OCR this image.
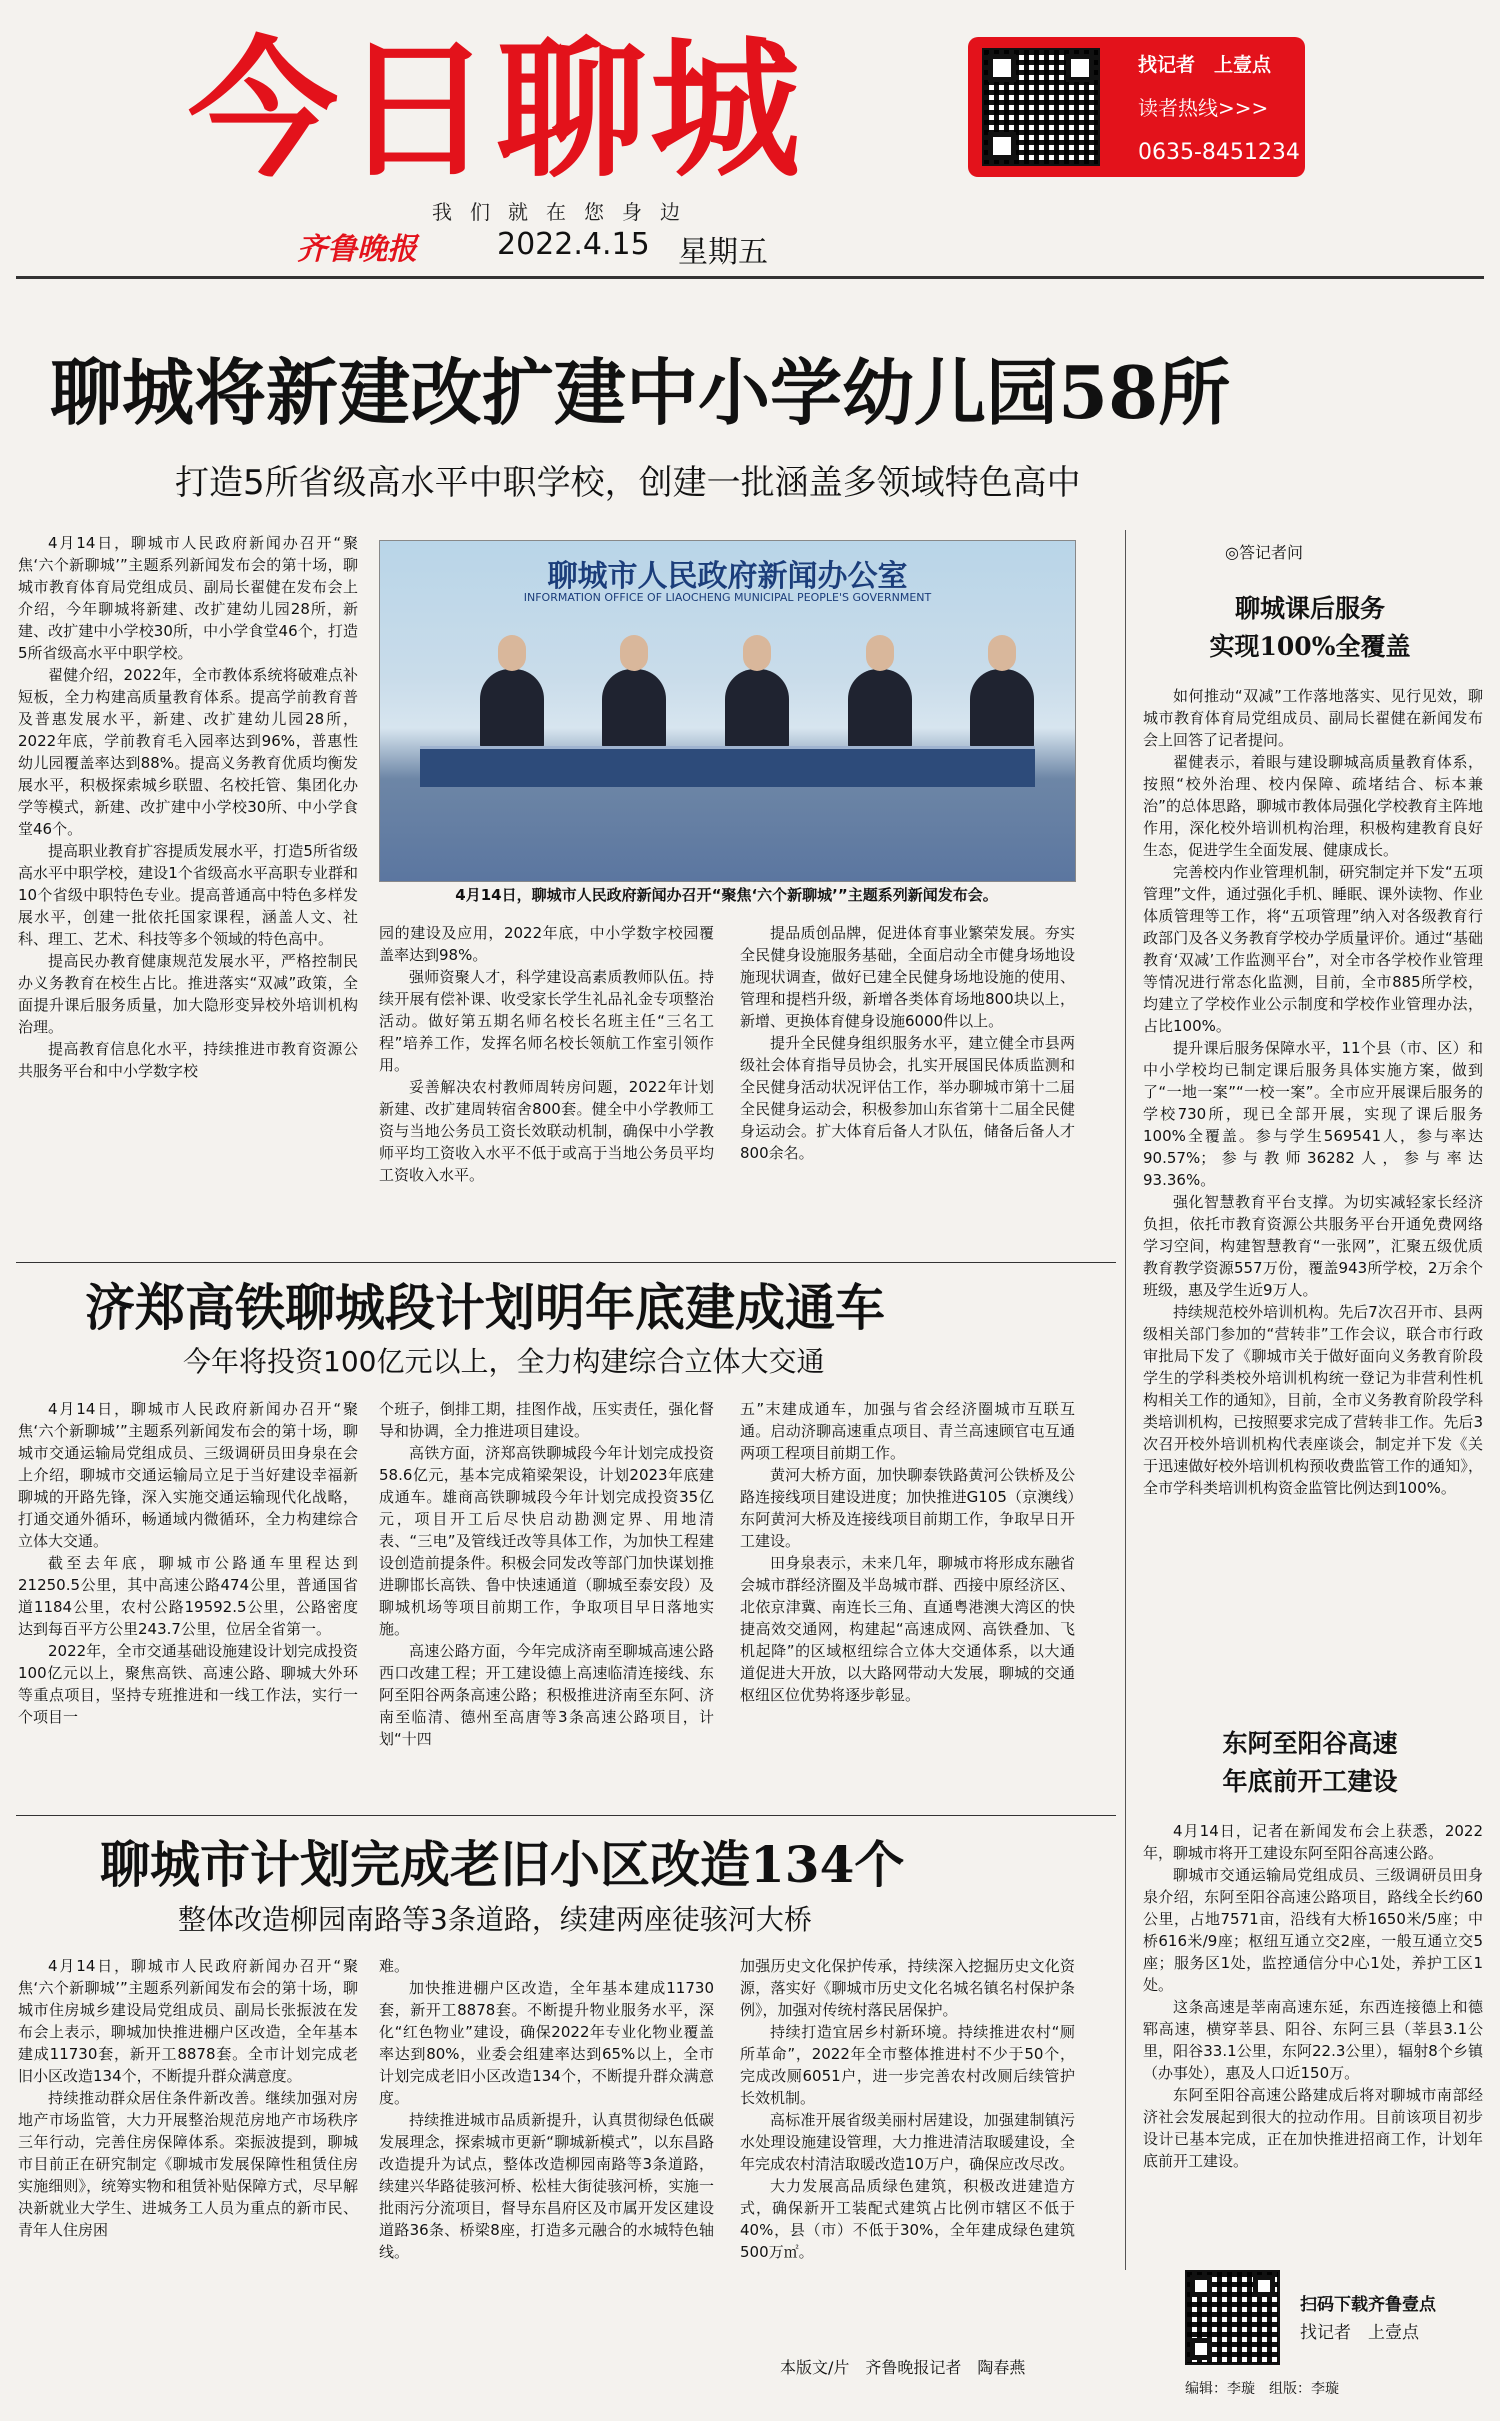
今日聊城
我们就在您身边
齐鲁晚报	2022.4.15 星期五
找记者　上壹点
读者热线>>>
0635-8451234
聊城将新建改扩建中小学幼儿园58所
打造5所省级高水平中职学校，创建一批涵盖多领域特色高中

4月14日，聊城市人民政府新闻办召开“聚焦‘六个新聊城’”主题系列新闻发布会的第十场，聊城市教育体育局党组成员、副局长翟健在发布会上介绍，今年聊城将新建、改扩建幼儿园28所，新建、改扩建中小学校30所，中小学食堂46个，打造5所省级高水平中职学校。

翟健介绍，2022年，全市教体系统将破难点补短板，全力构建高质量教育体系。提高学前教育普及普惠发展水平，新建、改扩建幼儿园28所，2022年底，学前教育毛入园率达到96%，普惠性幼儿园覆盖率达到88%。提高义务教育优质均衡发展水平，积极探索城乡联盟、名校托管、集团化办学等模式，新建、改扩建中小学校30所、中小学食堂46个。

提高职业教育扩容提质发展水平，打造5所省级高水平中职学校，建设1个省级高水平高职专业群和10个省级中职特色专业。提高普通高中特色多样发展水平，创建一批依托国家课程，涵盖人文、社科、理工、艺术、科技等多个领域的特色高中。

提高民办教育健康规范发展水平，严格控制民办义务教育在校生占比。推进落实“双减”政策，全面提升课后服务质量，加大隐形变异校外培训机构治理。

提高教育信息化水平，持续推进市教育资源公共服务平台和中小学数字校

聊城市人民政府新闻办公室
INFORMATION OFFICE OF LIAOCHENG MUNICIPAL PEOPLE'S GOVERNMENT
4月14日，聊城市人民政府新闻办召开“聚焦‘六个新聊城’”主题系列新闻发布会。

园的建设及应用，2022年底，中小学数字校园覆盖率达到98%。

强师资聚人才，科学建设高素质教师队伍。持续开展有偿补课、收受家长学生礼品礼金专项整治活动。做好第五期名师名校长名班主任“三名工程”培养工作，发挥名师名校长领航工作室引领作用。

妥善解决农村教师周转房问题，2022年计划新建、改扩建周转宿舍800套。健全中小学教师工资与当地公务员工资长效联动机制，确保中小学教师平均工资收入水平不低于或高于当地公务员平均工资收入水平。

提品质创品牌，促进体育事业繁荣发展。夯实全民健身设施服务基础，全面启动全市健身场地设施现状调查，做好已建全民健身场地设施的使用、管理和提档升级，新增各类体育场地800块以上，新增、更换体育健身设施6000件以上。

提升全民健身组织服务水平，建立健全市县两级社会体育指导员协会，扎实开展国民体质监测和全民健身活动状况评估工作，举办聊城市第十二届全民健身运动会，积极参加山东省第十二届全民健身运动会。扩大体育后备人才队伍，储备后备人才800余名。

◎答记者问
聊城课后服务
实现100%全覆盖

如何推动“双减”工作落地落实、见行见效，聊城市教育体育局党组成员、副局长翟健在新闻发布会上回答了记者提问。

翟健表示，着眼与建设聊城高质量教育体系，按照“校外治理、校内保障、疏堵结合、标本兼治”的总体思路，聊城市教体局强化学校教育主阵地作用，深化校外培训机构治理，积极构建教育良好生态，促进学生全面发展、健康成长。

完善校内作业管理机制，研究制定并下发“五项管理”文件，通过强化手机、睡眠、课外读物、作业体质管理等工作，将“五项管理”纳入对各级教育行政部门及各义务教育学校办学质量评价。通过“基础教育‘双减’工作监测平台”，对全市各学校作业管理等情况进行常态化监测，目前，全市885所学校，均建立了学校作业公示制度和学校作业管理办法，占比100%。

提升课后服务保障水平，11个县（市、区）和中小学校均已制定课后服务具体实施方案，做到了“一地一案”“一校一案”。全市应开展课后服务的学校730所，现已全部开展，实现了课后服务100%全覆盖。参与学生569541人，参与率达90.57%；参与教师36282人，参与率达93.36%。

强化智慧教育平台支撑。为切实减轻家长经济负担，依托市教育资源公共服务平台开通免费网络学习空间，构建智慧教育“一张网”，汇聚五级优质教育教学资源557万份，覆盖943所学校，2万余个班级，惠及学生近9万人。

持续规范校外培训机构。先后7次召开市、县两级相关部门参加的“营转非”工作会议，联合市行政审批局下发了《聊城市关于做好面向义务教育阶段学生的学科类校外培训机构统一登记为非营利性机构相关工作的通知》，目前，全市义务教育阶段学科类培训机构，已按照要求完成了营转非工作。先后3次召开校外培训机构代表座谈会，制定并下发《关于迅速做好校外培训机构预收费监管工作的通知》，全市学科类培训机构资金监管比例达到100%。

东阿至阳谷高速
年底前开工建设

4月14日，记者在新闻发布会上获悉，2022年，聊城市将开工建设东阿至阳谷高速公路。

聊城市交通运输局党组成员、三级调研员田身泉介绍，东阿至阳谷高速公路项目，路线全长约60公里，占地7571亩，沿线有大桥1650米/5座；中桥616米/9座；枢纽互通立交2座，一般互通立交5座；服务区1处，监控通信分中心1处，养护工区1处。

这条高速是莘南高速东延，东西连接德上和德郓高速，横穿莘县、阳谷、东阿三县（莘县3.1公里，阳谷33.1公里，东阿22.3公里），辐射8个乡镇（办事处），惠及人口近150万。

东阿至阳谷高速公路建成后将对聊城市南部经济社会发展起到很大的拉动作用。目前该项目初步设计已基本完成，正在加快推进招商工作，计划年底前开工建设。

扫码下载齐鲁壹点
找记者　上壹点
编辑：李璇　组版：李璇
济郑高铁聊城段计划明年底建成通车
今年将投资100亿元以上，全力构建综合立体大交通

4月14日，聊城市人民政府新闻办召开“聚焦‘六个新聊城’”主题系列新闻发布会的第十场，聊城市交通运输局党组成员、三级调研员田身泉在会上介绍，聊城市交通运输局立足于当好建设幸福新聊城的开路先锋，深入实施交通运输现代化战略，打通交通外循环，畅通域内微循环，全力构建综合立体大交通。

截至去年底，聊城市公路通车里程达到21250.5公里，其中高速公路474公里，普通国省道1184公里，农村公路19592.5公里，公路密度达到每百平方公里243.7公里，位居全省第一。

2022年，全市交通基础设施建设计划完成投资100亿元以上，聚焦高铁、高速公路、聊城大外环等重点项目，坚持专班推进和一线工作法，实行一个项目一

个班子，倒排工期，挂图作战，压实责任，强化督导和协调，全力推进项目建设。

高铁方面，济郑高铁聊城段今年计划完成投资58.6亿元，基本完成箱梁架设，计划2023年底建成通车。雄商高铁聊城段今年计划完成投资35亿元，项目开工后尽快启动勘测定界、用地清表、“三电”及管线迁改等具体工作，为加快工程建设创造前提条件。积极会同发改等部门加快谋划推进聊邯长高铁、鲁中快速通道（聊城至泰安段）及聊城机场等项目前期工作，争取项目早日落地实施。

高速公路方面，今年完成济南至聊城高速公路西口改建工程；开工建设德上高速临清连接线、东阿至阳谷两条高速公路；积极推进济南至东阿、济南至临清、德州至高唐等3条高速公路项目，计划“十四

五”末建成通车，加强与省会经济圈城市互联互通。启动济聊高速重点项目、青兰高速顾官屯互通两项工程项目前期工作。

黄河大桥方面，加快聊泰铁路黄河公铁桥及公路连接线项目建设进度；加快推进G105（京澳线）东阿黄河大桥及连接线项目前期工作，争取早日开工建设。

田身泉表示，未来几年，聊城市将形成东融省会城市群经济圈及半岛城市群、西接中原经济区、北依京津冀、南连长三角、直通粤港澳大湾区的快捷高效交通网，构建起“高速成网、高铁叠加、飞机起降”的区域枢纽综合立体大交通体系，以大通道促进大开放，以大路网带动大发展，聊城的交通枢纽区位优势将逐步彰显。

聊城市计划完成老旧小区改造134个
整体改造柳园南路等3条道路，续建两座徒骇河大桥

4月14日，聊城市人民政府新闻办召开“聚焦‘六个新聊城’”主题系列新闻发布会的第十场，聊城市住房城乡建设局党组成员、副局长张振波在发布会上表示，聊城加快推进棚户区改造，全年基本建成11730套，新开工8878套。全市计划完成老旧小区改造134个，不断提升群众满意度。

持续推动群众居住条件新改善。继续加强对房地产市场监管，大力开展整治规范房地产市场秩序三年行动，完善住房保障体系。栾振波提到，聊城市目前正在研究制定《聊城市发展保障性租赁住房实施细则》，统筹实物和租赁补贴保障方式，尽早解决新就业大学生、进城务工人员为重点的新市民、青年人住房困

难。

加快推进棚户区改造，全年基本建成11730套，新开工8878套。不断提升物业服务水平，深化“红色物业”建设，确保2022年专业化物业覆盖率达到80%，业委会组建率达到65%以上，全市计划完成老旧小区改造134个，不断提升群众满意度。

持续推进城市品质新提升，认真贯彻绿色低碳发展理念，探索城市更新“聊城新模式”，以东昌路改造提升为试点，整体改造柳园南路等3条道路，续建兴华路徒骇河桥、松桂大街徒骇河桥，实施一批雨污分流项目，督导东昌府区及市属开发区建设道路36条、桥梁8座，打造多元融合的水城特色轴线。

加强历史文化保护传承，持续深入挖掘历史文化资源，落实好《聊城市历史文化名城名镇名村保护条例》，加强对传统村落民居保护。

持续打造宜居乡村新环境。持续推进农村“厕所革命”，2022年全市整体推进村不少于50个，完成改厕6051户，进一步完善农村改厕后续管护长效机制。

高标准开展省级美丽村居建设，加强建制镇污水处理设施建设管理，大力推进清洁取暖建设，全年完成农村清洁取暖改造10万户，确保应改尽改。

大力发展高品质绿色建筑，积极改进建造方式，确保新开工装配式建筑占比例市辖区不低于40%，县（市）不低于30%，全年建成绿色建筑500万㎡。

本版文/片　齐鲁晚报记者　陶春燕
